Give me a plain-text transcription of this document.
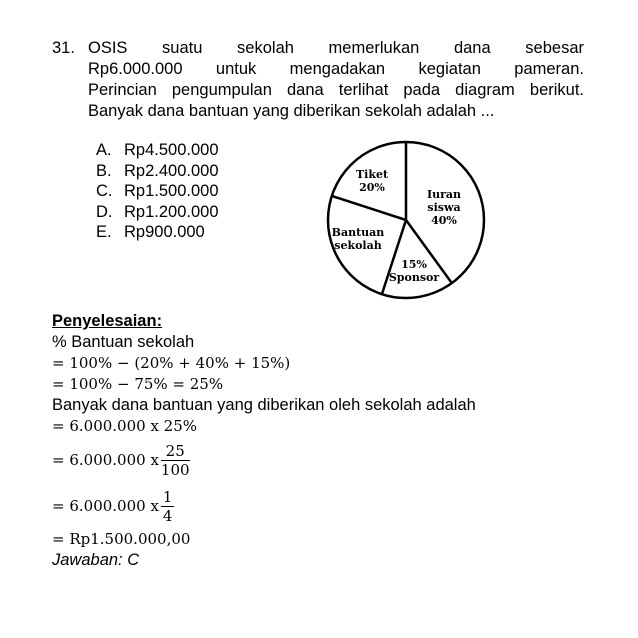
31. OSIS suatu sekolah memerlukan dana sebesar
Rp6.000.000 untuk mengadakan kegiatan pameran.
Perincian pengumpulan dana terlihat pada diagram berikut.
Banyak dana bantuan yang diberikan sekolah adalah ...
A. Rp4.500.000
B. Rp2.400.000
C. Rp1.500.000
D. Rp1.200.000
E. Rp900.000
Iuran siswa 40%
15% Sponsor
Bantuan sekolah
Tiket 20%
Penyelesaian:
% Bantuan sekolah
= 100% − (20% + 40% + 15%)
= 100% − 75% = 25%
Banyak dana bantuan yang diberikan oleh sekolah adalah
= 6.000.000 x 25%
= 6.000.000 x $\frac{25}{100}$
= 6.000.000 x $\frac{1}{4}$
= Rp1.500.000,00
Jawaban: C
